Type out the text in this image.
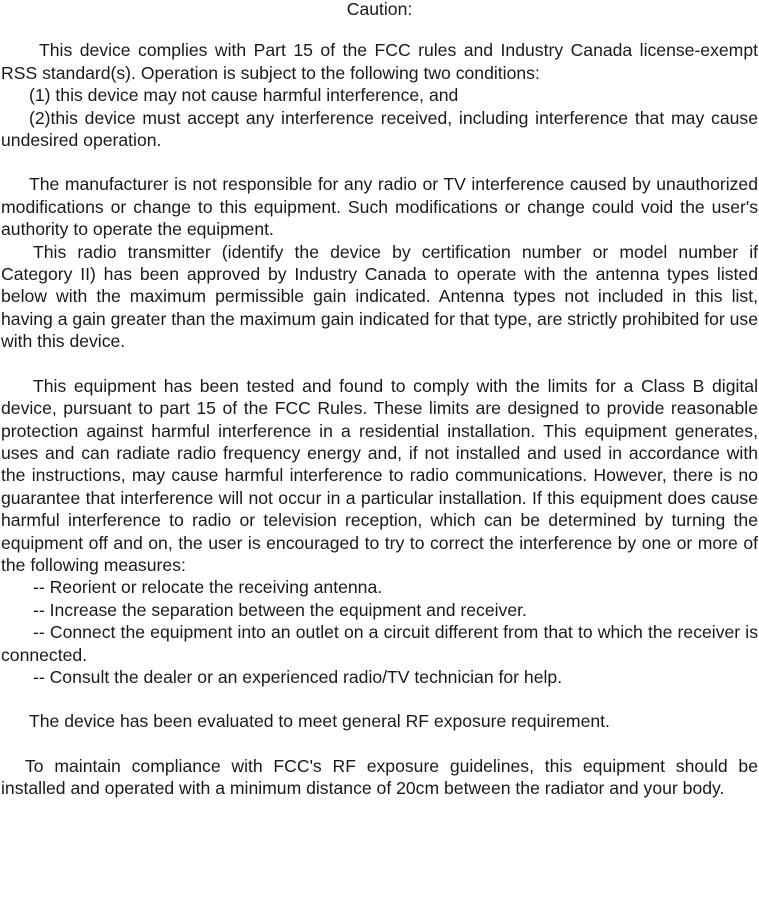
Caution:

This device complies with Part 15 of the FCC rules and Industry Canada license-exempt RSS standard(s). Operation is subject to the following two conditions:

(1) this device may not cause harmful interference, and

(2)this device must accept any interference received, including interference that may cause undesired operation.

The manufacturer is not responsible for any radio or TV interference caused by unauthorized modifications or change to this equipment. Such modifications or change could void the user's authority to operate the equipment.

This radio transmitter (identify the device by certification number or model number if Category II) has been approved by Industry Canada to operate with the antenna types listed below with the maximum permissible gain indicated. Antenna types not included in this list, having a gain greater than the maximum gain indicated for that type, are strictly prohibited for use with this device.

This equipment has been tested and found to comply with the limits for a Class B digital device, pursuant to part 15 of the FCC Rules. These limits are designed to provide reasonable protection against harmful interference in a residential installation. This equipment generates, uses and can radiate radio frequency energy and, if not installed and used in accordance with the instructions, may cause harmful interference to radio communications. However, there is no guarantee that interference will not occur in a particular installation. If this equipment does cause harmful interference to radio or television reception, which can be determined by turning the equipment off and on, the user is encouraged to try to correct the interference by one or more of the following measures:

-- Reorient or relocate the receiving antenna.

-- Increase the separation between the equipment and receiver.

-- Connect the equipment into an outlet on a circuit different from that to which the receiver is connected.

-- Consult the dealer or an experienced radio/TV technician for help.

The device has been evaluated to meet general RF exposure requirement.

To maintain compliance with FCC's RF exposure guidelines, this equipment should be installed and operated with a minimum distance of 20cm between the radiator and your body.
